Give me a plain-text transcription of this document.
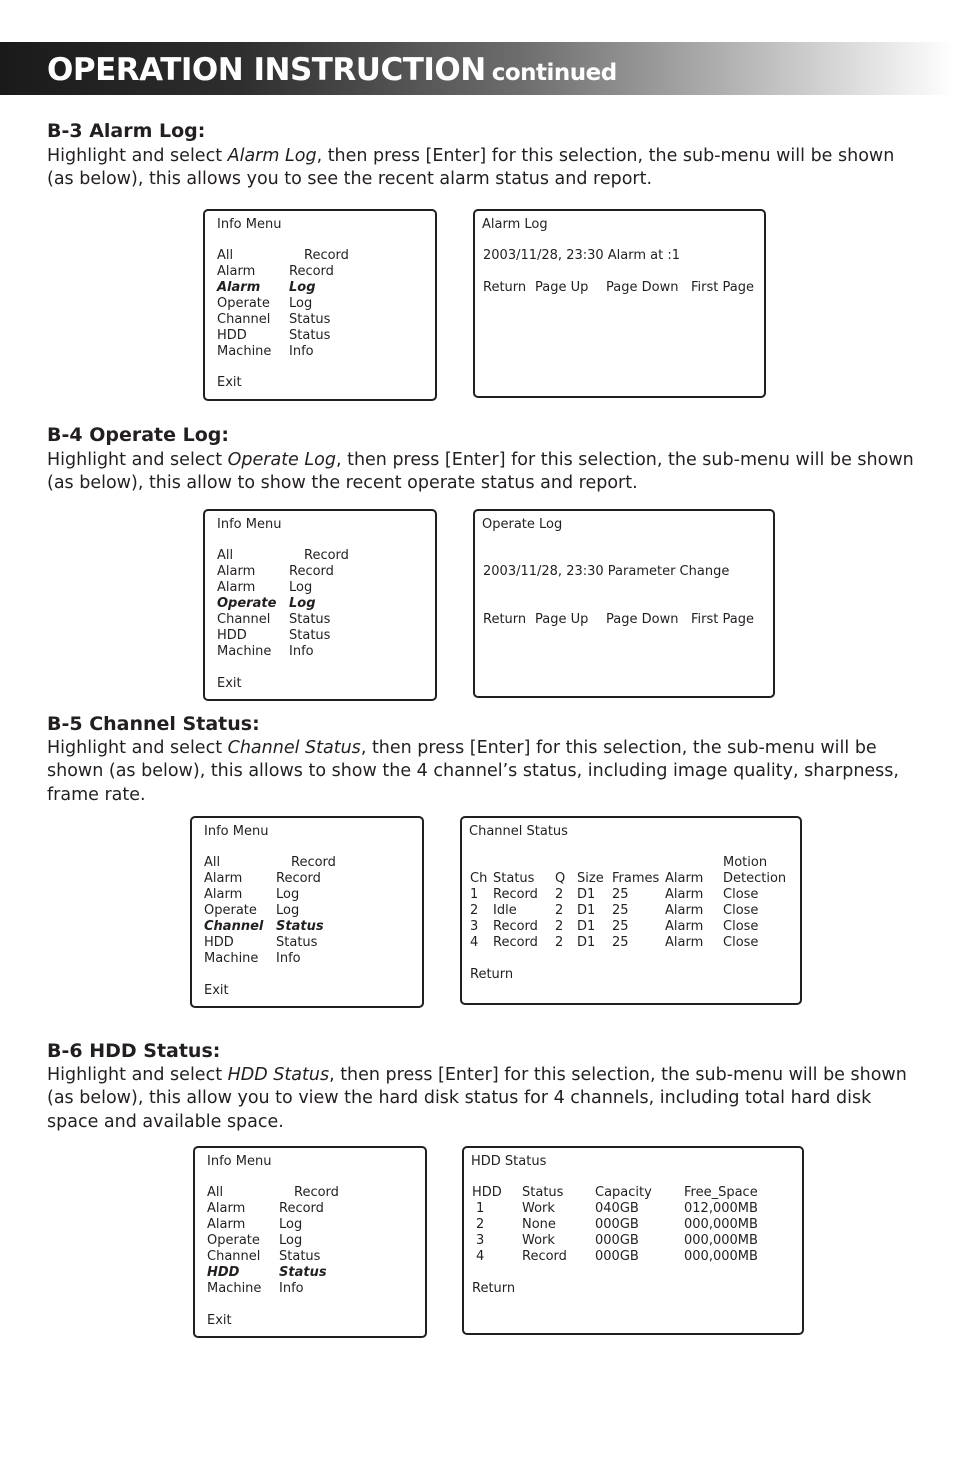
OPERATION INSTRUCTION continued
B-3 Alarm Log:
Highlight and select Alarm Log, then press [Enter] for this selection, the sub-menu will be shown (as below), this allows you to see the recent alarm status and report.
Info Menu
All	Record
Alarm	Record
Alarm Log
Operate Log
Channel Status
HDD	Status
Machine Info
Exit
Alarm Log
2003/11/28, 23:30 Alarm at :1
Return Page Up Page Down First Page
B-4 Operate Log:
Highlight and select Operate Log, then press [Enter] for this selection, the sub-menu will be shown (as below), this allow to show the recent operate status and report.
Info Menu
All	Record
Alarm	Record
Alarm	Log
Operate Log
Channel Status
HDD	Status
Machine Info
Exit
Operate Log
2003/11/28, 23:30 Parameter Change
Return Page Up Page Down First Page
B-5 Channel Status:
Highlight and select Channel Status, then press [Enter] for this selection, the sub-menu will be shown (as below), this allows to show the 4 channel’s status, including image quality, sharpness, frame rate.
Info Menu
All	Record
Alarm	Record
Alarm	Log
Operate Log
Channel Status
HDD	Status
Machine Info
Exit
Channel Status
Motion
Ch Status Q Size Frames Alarm Detection
1 Record 2 D1 25	Alarm Close
2 Idle	2 D1 25	Alarm Close
3 Record 2 D1 25	Alarm Close
4 Record 2 D1 25	Alarm Close
Return
B-6 HDD Status:
Highlight and select HDD Status, then press [Enter] for this selection, the sub-menu will be shown (as below), this allow you to view the hard disk status for 4 channels, including total hard disk space and available space.
Info Menu
All	Record
Alarm	Record
Alarm	Log
Operate Log
Channel Status
HDD	Status
Machine Info
Exit
HDD Status
HDD Status Capacity Free_Space
1	Work	040GB	012,000MB
2	None	000GB	000,000MB
3	Work	000GB	000,000MB
4	Record 000GB	000,000MB
Return
